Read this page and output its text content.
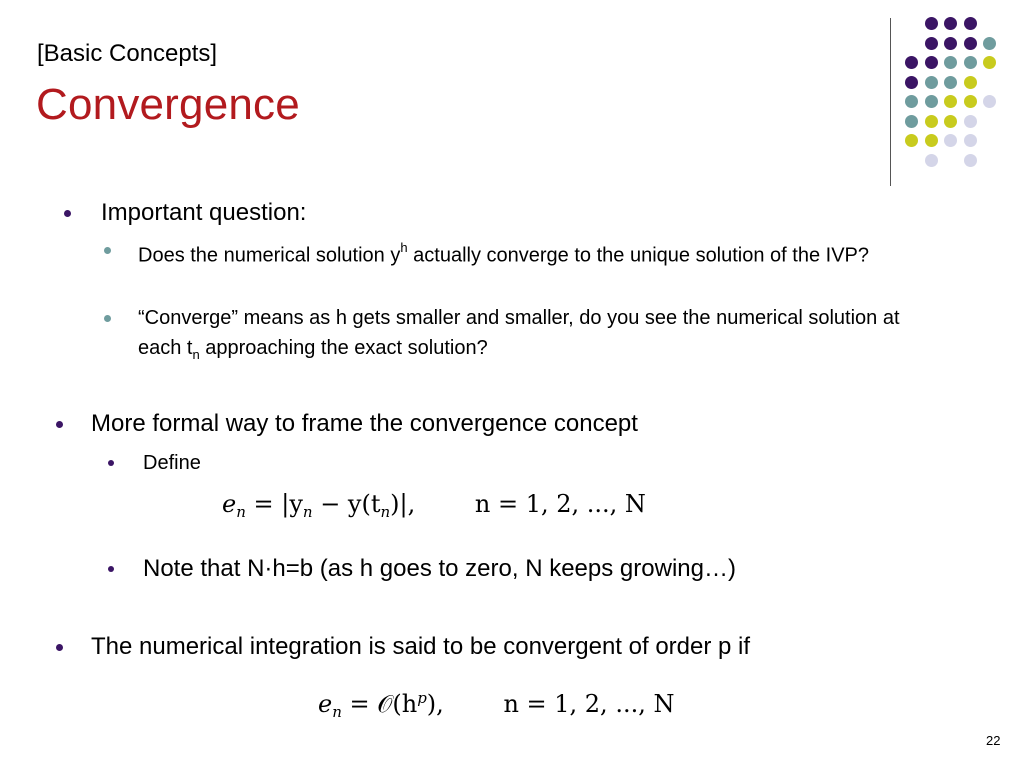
[Basic Concepts]
Convergence
Important question:
Does the numerical solution $y^h$ actually converge to the unique solution of the IVP?
“Converge” means as h gets smaller and smaller, do you see the numerical solution at each $t_n$ approaching the exact solution?
More formal way to frame the convergence concept
Define
$e_n = |y_n - y(t_n)|$, n = 1, 2, ..., N
Note that N·h=b (as h goes to zero, N keeps growing…)
The numerical integration is said to be convergent of order p if
$e_n$ = $𝒪(h^p)$, n = 1, 2, ..., N
22
